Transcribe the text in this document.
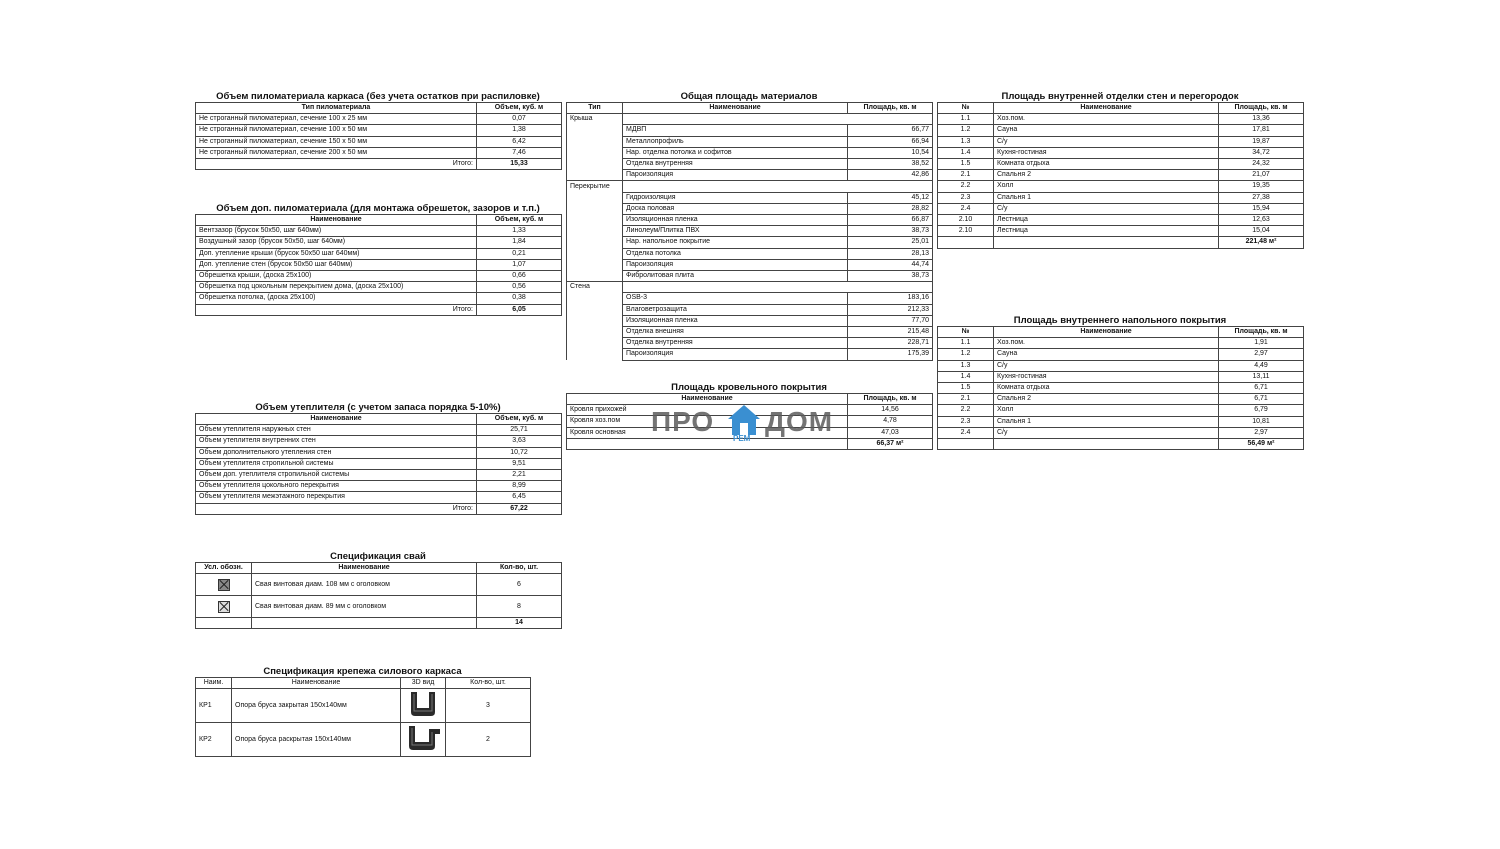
Объем пиломатериала каркаса (без учета остатков при распиловке)
Тип пиломатериала	Объем, куб. м
Не строганный пиломатериал, сечение 100 х 25 мм	0,07
Не строганный пиломатериал, сечение 100 х 50 мм	1,38
Не строганный пиломатериал, сечение 150 х 50 мм	6,42
Не строганный пиломатериал, сечение 200 х 50 мм	7,46
Итого:	15,33
Объем доп. пиломатериала (для монтажа обрешеток, зазоров и т.п.)
Наименование	Объем, куб. м
Вентзазор (брусок 50х50, шаг 640мм)	1,33
Воздушный зазор (брусок 50х50, шаг 640мм)	1,84
Доп. утепление крыши (брусок 50х50 шаг 640мм)	0,21
Доп. утепление стен (брусок 50х50 шаг 640мм)	1,07
Обрешетка крыши, (доска 25х100)	0,66
Обрешетка под цокольным перекрытием дома, (доска 25х100)	0,56
Обрешетка потолка, (доска 25х100)	0,38
Итого:	6,05
Объем утеплителя (с учетом запаса порядка 5-10%)
Наименование	Объем, куб. м
Объем утеплителя наружных стен	25,71
Объем утеплителя внутренних стен	3,63
Объем дополнительного утепления стен	10,72
Объем утеплителя стропильной системы	9,51
Объем доп. утеплителя стропильной системы	2,21
Объем утеплителя цокольного перекрытия	8,99
Объем утеплителя межэтажного перекрытия	6,45
Итого:	67,22
Спецификация свай
Усл. обозн.	Наименование	Кол-во, шт.
	Свая винтовая диам. 108 мм с оголовком	6
	Свая винтовая диам. 89 мм с оголовком	8
		14
Спецификация крепежа силового каркаса
Наим.	Наименование	3D вид	Кол-во, шт.
КР1	Опора бруса закрытая 150х140мм		3
КР2	Опора бруса раскрытая 150х140мм		2
Общая площадь материалов
Тип	Наименование	Площадь, кв. м
Крыша		
	МДВП	66,77
	Металлопрофиль	66,94
	Нар. отделка потолка и софитов	10,54
	Отделка внутренняя	38,52
	Пароизоляция	42,86
Перекрытие		
	Гидроизоляция	45,12
	Доска половая	28,82
	Изоляционная пленка	66,87
	Линолеум/Плитка ПВХ	38,73
	Нар. напольное покрытие	25,01
	Отделка потолка	28,13
	Пароизоляция	44,74
	Фибролитовая плита	38,73
Стена		
	OSB-3	183,16
	Влаговетрозащита	212,33
	Изоляционная пленка	77,70
	Отделка внешняя	215,48
	Отделка внутренняя	228,71
	Пароизоляция	175,39
Площадь кровельного покрытия
Наименование	Площадь, кв. м
Кровля прихожей	14,56
Кровля хоз.пом	4,78
Кровля основная	47,03
	66,37 м²
Площадь внутренней отделки стен и перегородок
№	Наименование	Площадь, кв. м
1.1	Хоз.пом.	13,36
1.2	Сауна	17,81
1.3	С/у	19,87
1.4	Кухня-гостиная	34,72
1.5	Комната отдыха	24,32
2.1	Спальня 2	21,07
2.2	Холл	19,35
2.3	Спальня 1	27,38
2.4	С/у	15,94
2.10	Лестница	12,63
2.10	Лестница	15,04
		221,48 м²
Площадь внутреннего напольного покрытия
№	Наименование	Площадь, кв. м
1.1	Хоз.пом.	1,91
1.2	Сауна	2,97
1.3	С/у	4,49
1.4	Кухня-гостиная	13,11
1.5	Комната отдыха	6,71
2.1	Спальня 2	6,71
2.2	Холл	6,79
2.3	Спальня 1	10,81
2.4	С/у	2,97
		56,49 м²
ПРО
РЕМ
ДОМ
